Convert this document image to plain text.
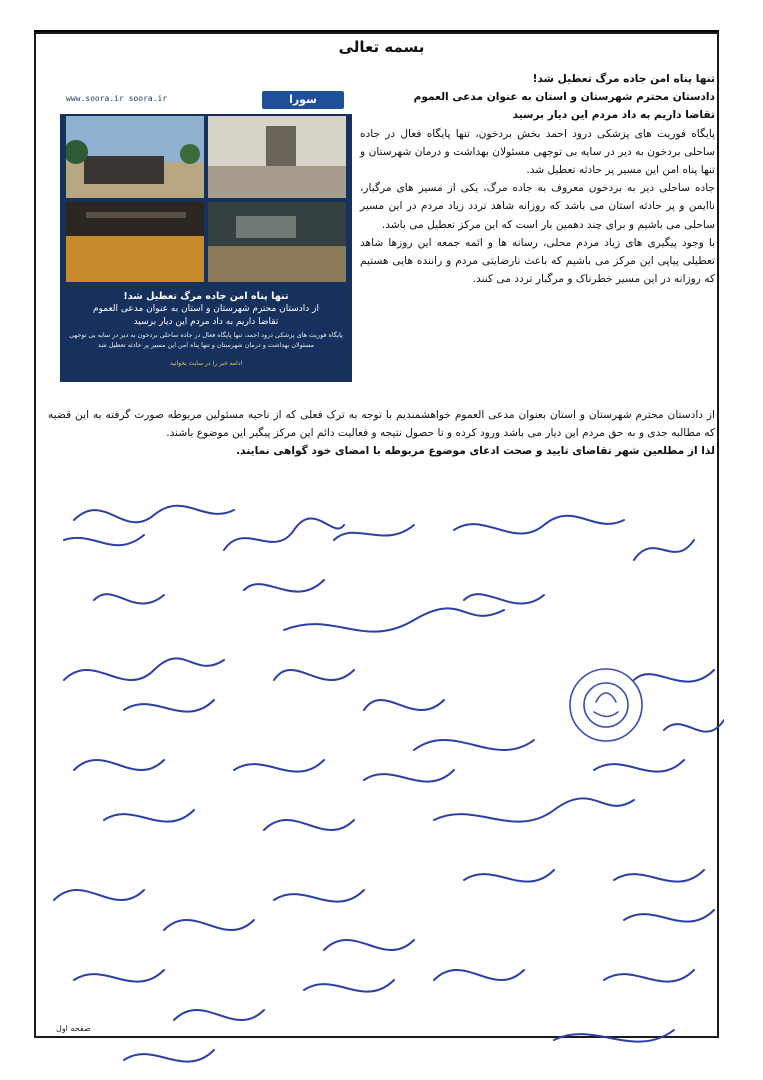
بسمه تعالی

تنها پناه امن جاده مرگ تعطیل شد!

دادستان محترم شهرستان و استان به عنوان مدعی العموم

تقاضا داریم به داد مردم این دیار برسید

پایگاه فوریت های پزشکی درود احمد بخش بردخون، تنها پایگاه فعال در جاده ساحلی بردخون به دیر در سایه بی توجهی مسئولان بهداشت و درمان شهرستان و تنها پناه امن این مسیر پر حادثه تعطیل شد.

جاده ساحلی دیر به بردخون معروف به جاده مرگ، یکی از مسیر های مرگبار، ناایمن و پر حادثه استان می باشد که روزانه شاهد تردد زیاد مردم در این مسیر ساحلی می باشیم و برای چند دهمین بار است که این مرکز تعطیل می باشد.

با وجود پیگیری های زیاد مردم محلی، رسانه ها و ائمه جمعه این روزها شاهد تعطیلی پیاپی این مرکز می باشیم که باعث نارضایتی مردم و راننده هایی هستیم که روزانه در این مسیر خطرناک و مرگبار تردد می کنند.

از دادستان محترم شهرستان و استان بعنوان مدعی العموم خواهشمندیم با توجه به ترک فعلی که از ناحیه مسئولین مربوطه صورت گرفته به این قضیه که مطالبه جدی و به حق مردم این دیار می باشد ورود کرده و تا حصول نتیجه و فعالیت دائم این مرکز پیگیر این موضوع باشند.

لذا از مطلعین شهر تقاضای تایید و صحت ادعای موضوع مربوطه با امضای خود گواهی نمایند.

www.soora.ir soora.ir	سورا
تنها پناه امن جاده مرگ تعطیل شد!
از دادستان محترم شهرستان و استان به عنوان مدعی العموم
تقاضا داریم به داد مردم این دیار برسید
پایگاه فوریت های پزشکی درود احمد، تنها پایگاه فعال در جاده ساحلی بردخون به دیر در سایه بی توجهی مسئولان بهداشت و درمان شهرستان و تنها پناه امن این مسیر پر حادثه تعطیل شد
ادامه خبر را در سایت بخوانید
صفحه اول
